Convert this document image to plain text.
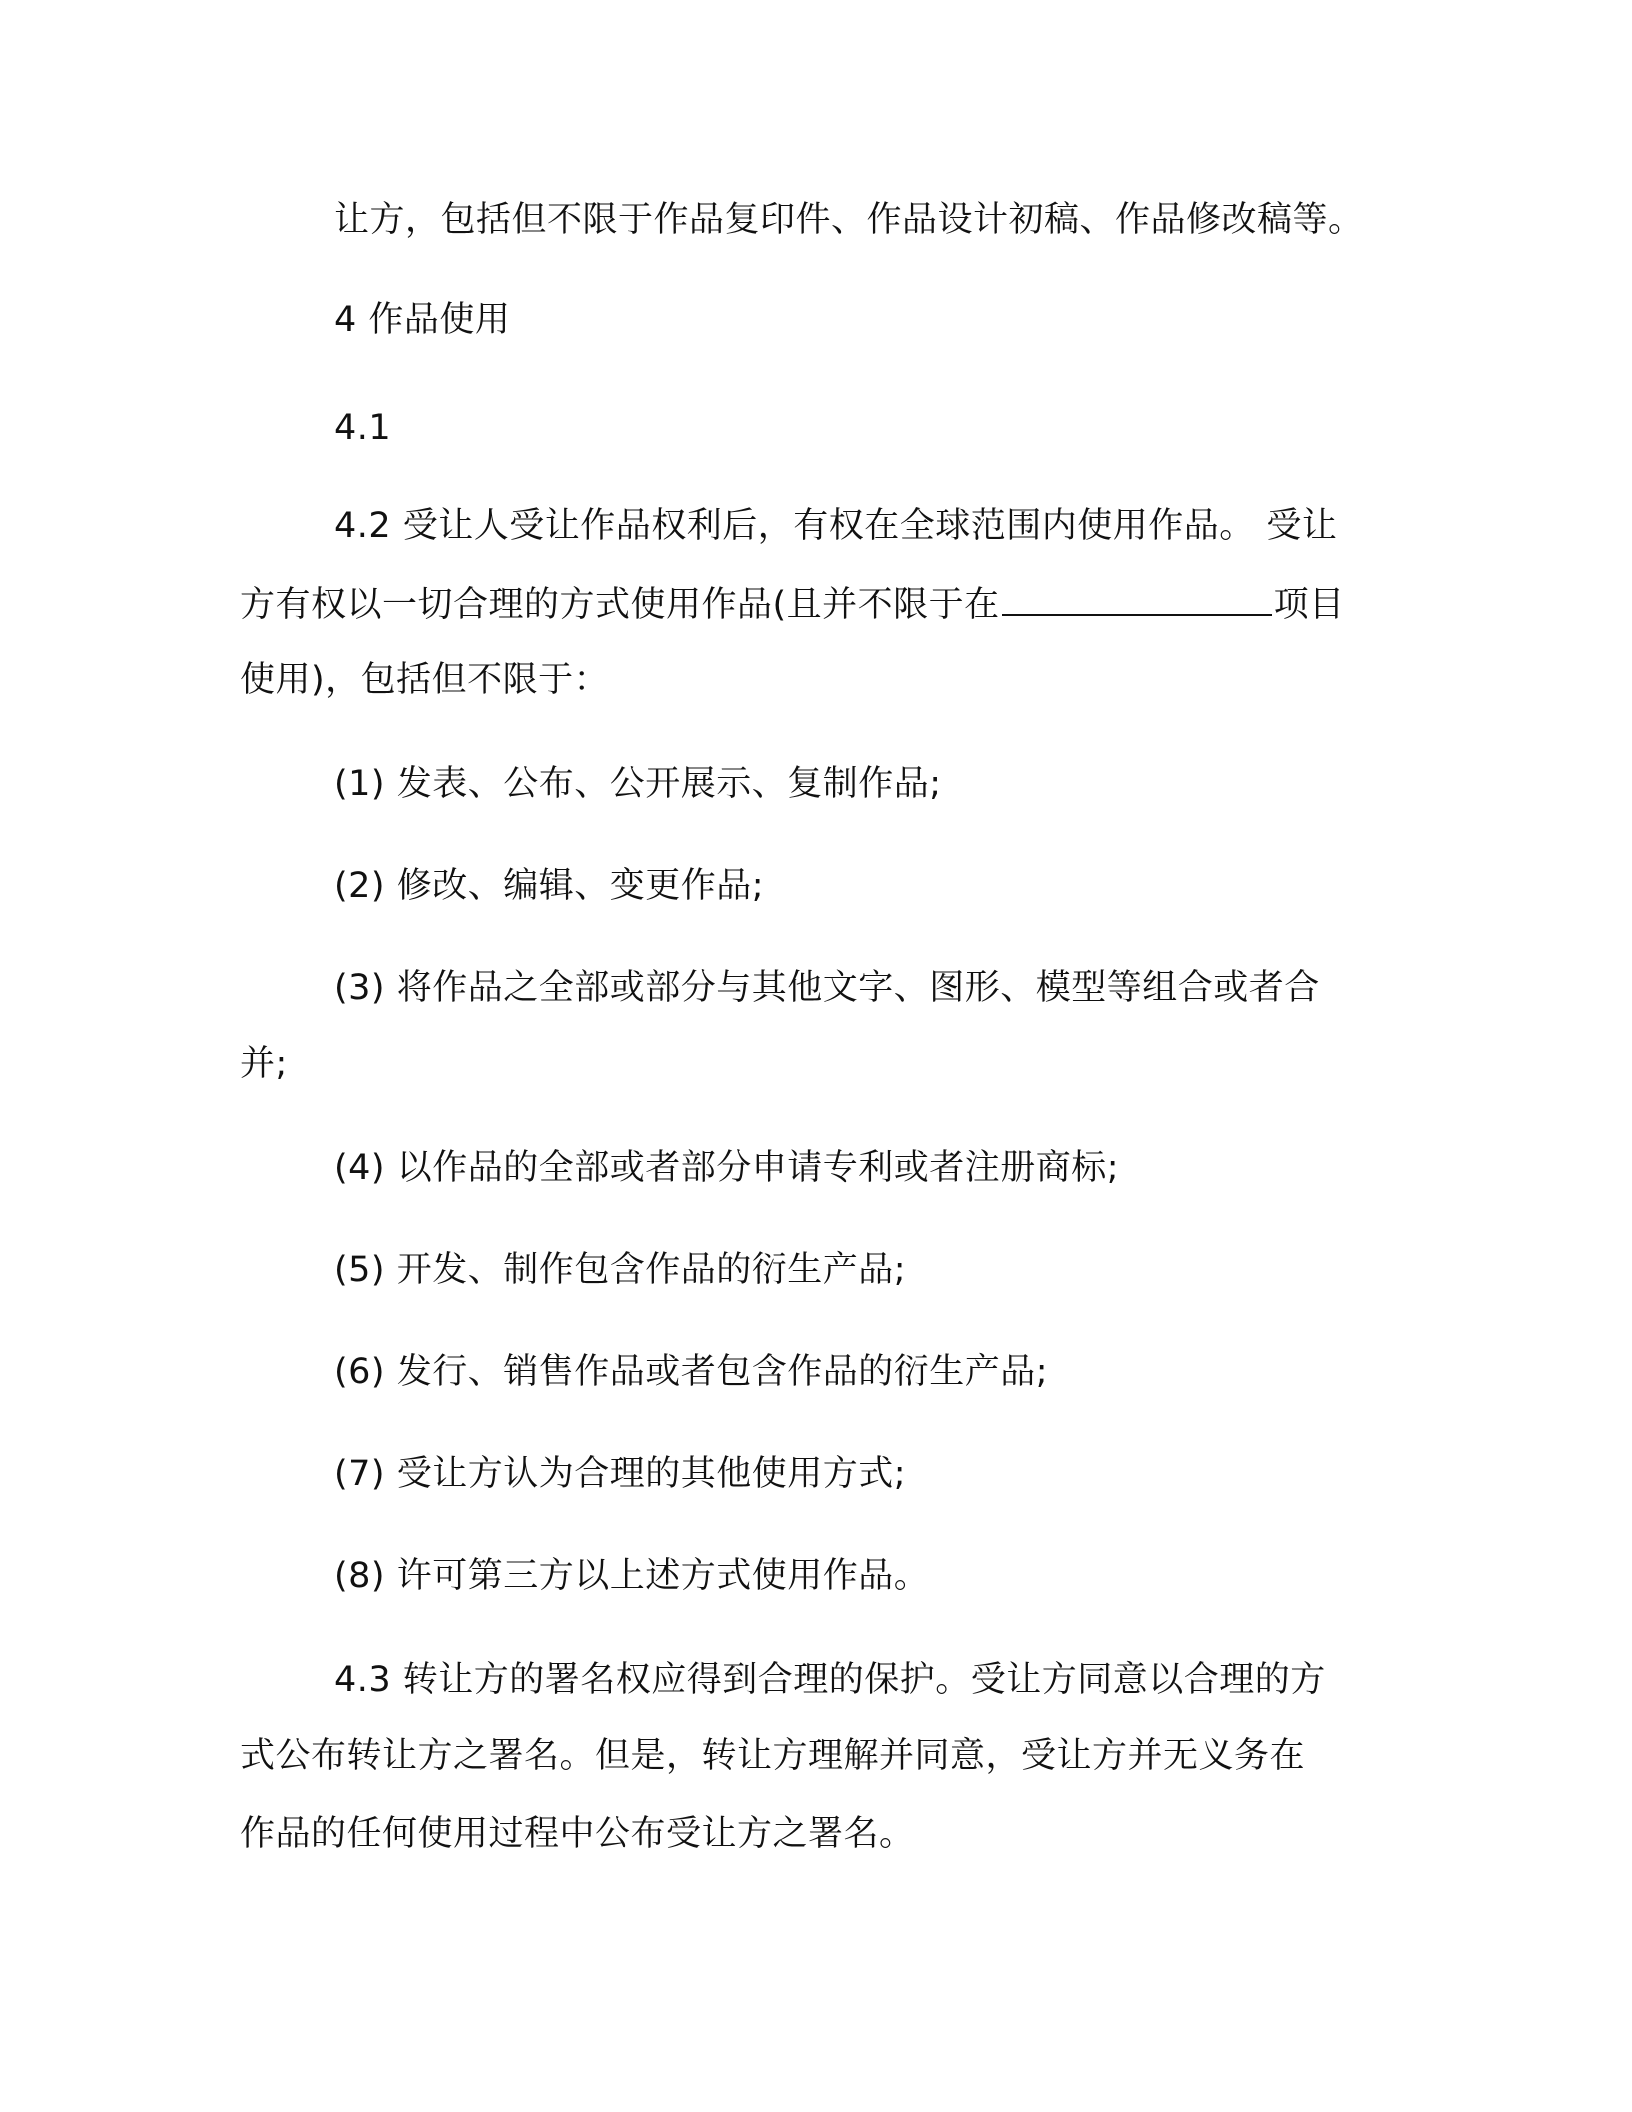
让方，包括但不限于作品复印件、作品设计初稿、作品修改稿等。
4 作品使用
4.1
4.2 受让人受让作品权利后，有权在全球范围内使用作品。 受让
方有权以一切合理的方式使用作品(且并不限于在	项目
使用)，包括但不限于：
(1) 发表、公布、公开展示、复制作品;
(2) 修改、编辑、变更作品;
(3) 将作品之全部或部分与其他文字、图形、模型等组合或者合
并;
(4) 以作品的全部或者部分申请专利或者注册商标;
(5) 开发、制作包含作品的衍生产品;
(6) 发行、销售作品或者包含作品的衍生产品;
(7) 受让方认为合理的其他使用方式;
(8) 许可第三方以上述方式使用作品。
4.3 转让方的署名权应得到合理的保护。受让方同意以合理的方
式公布转让方之署名。但是，转让方理解并同意，受让方并无义务在
作品的任何使用过程中公布受让方之署名。
